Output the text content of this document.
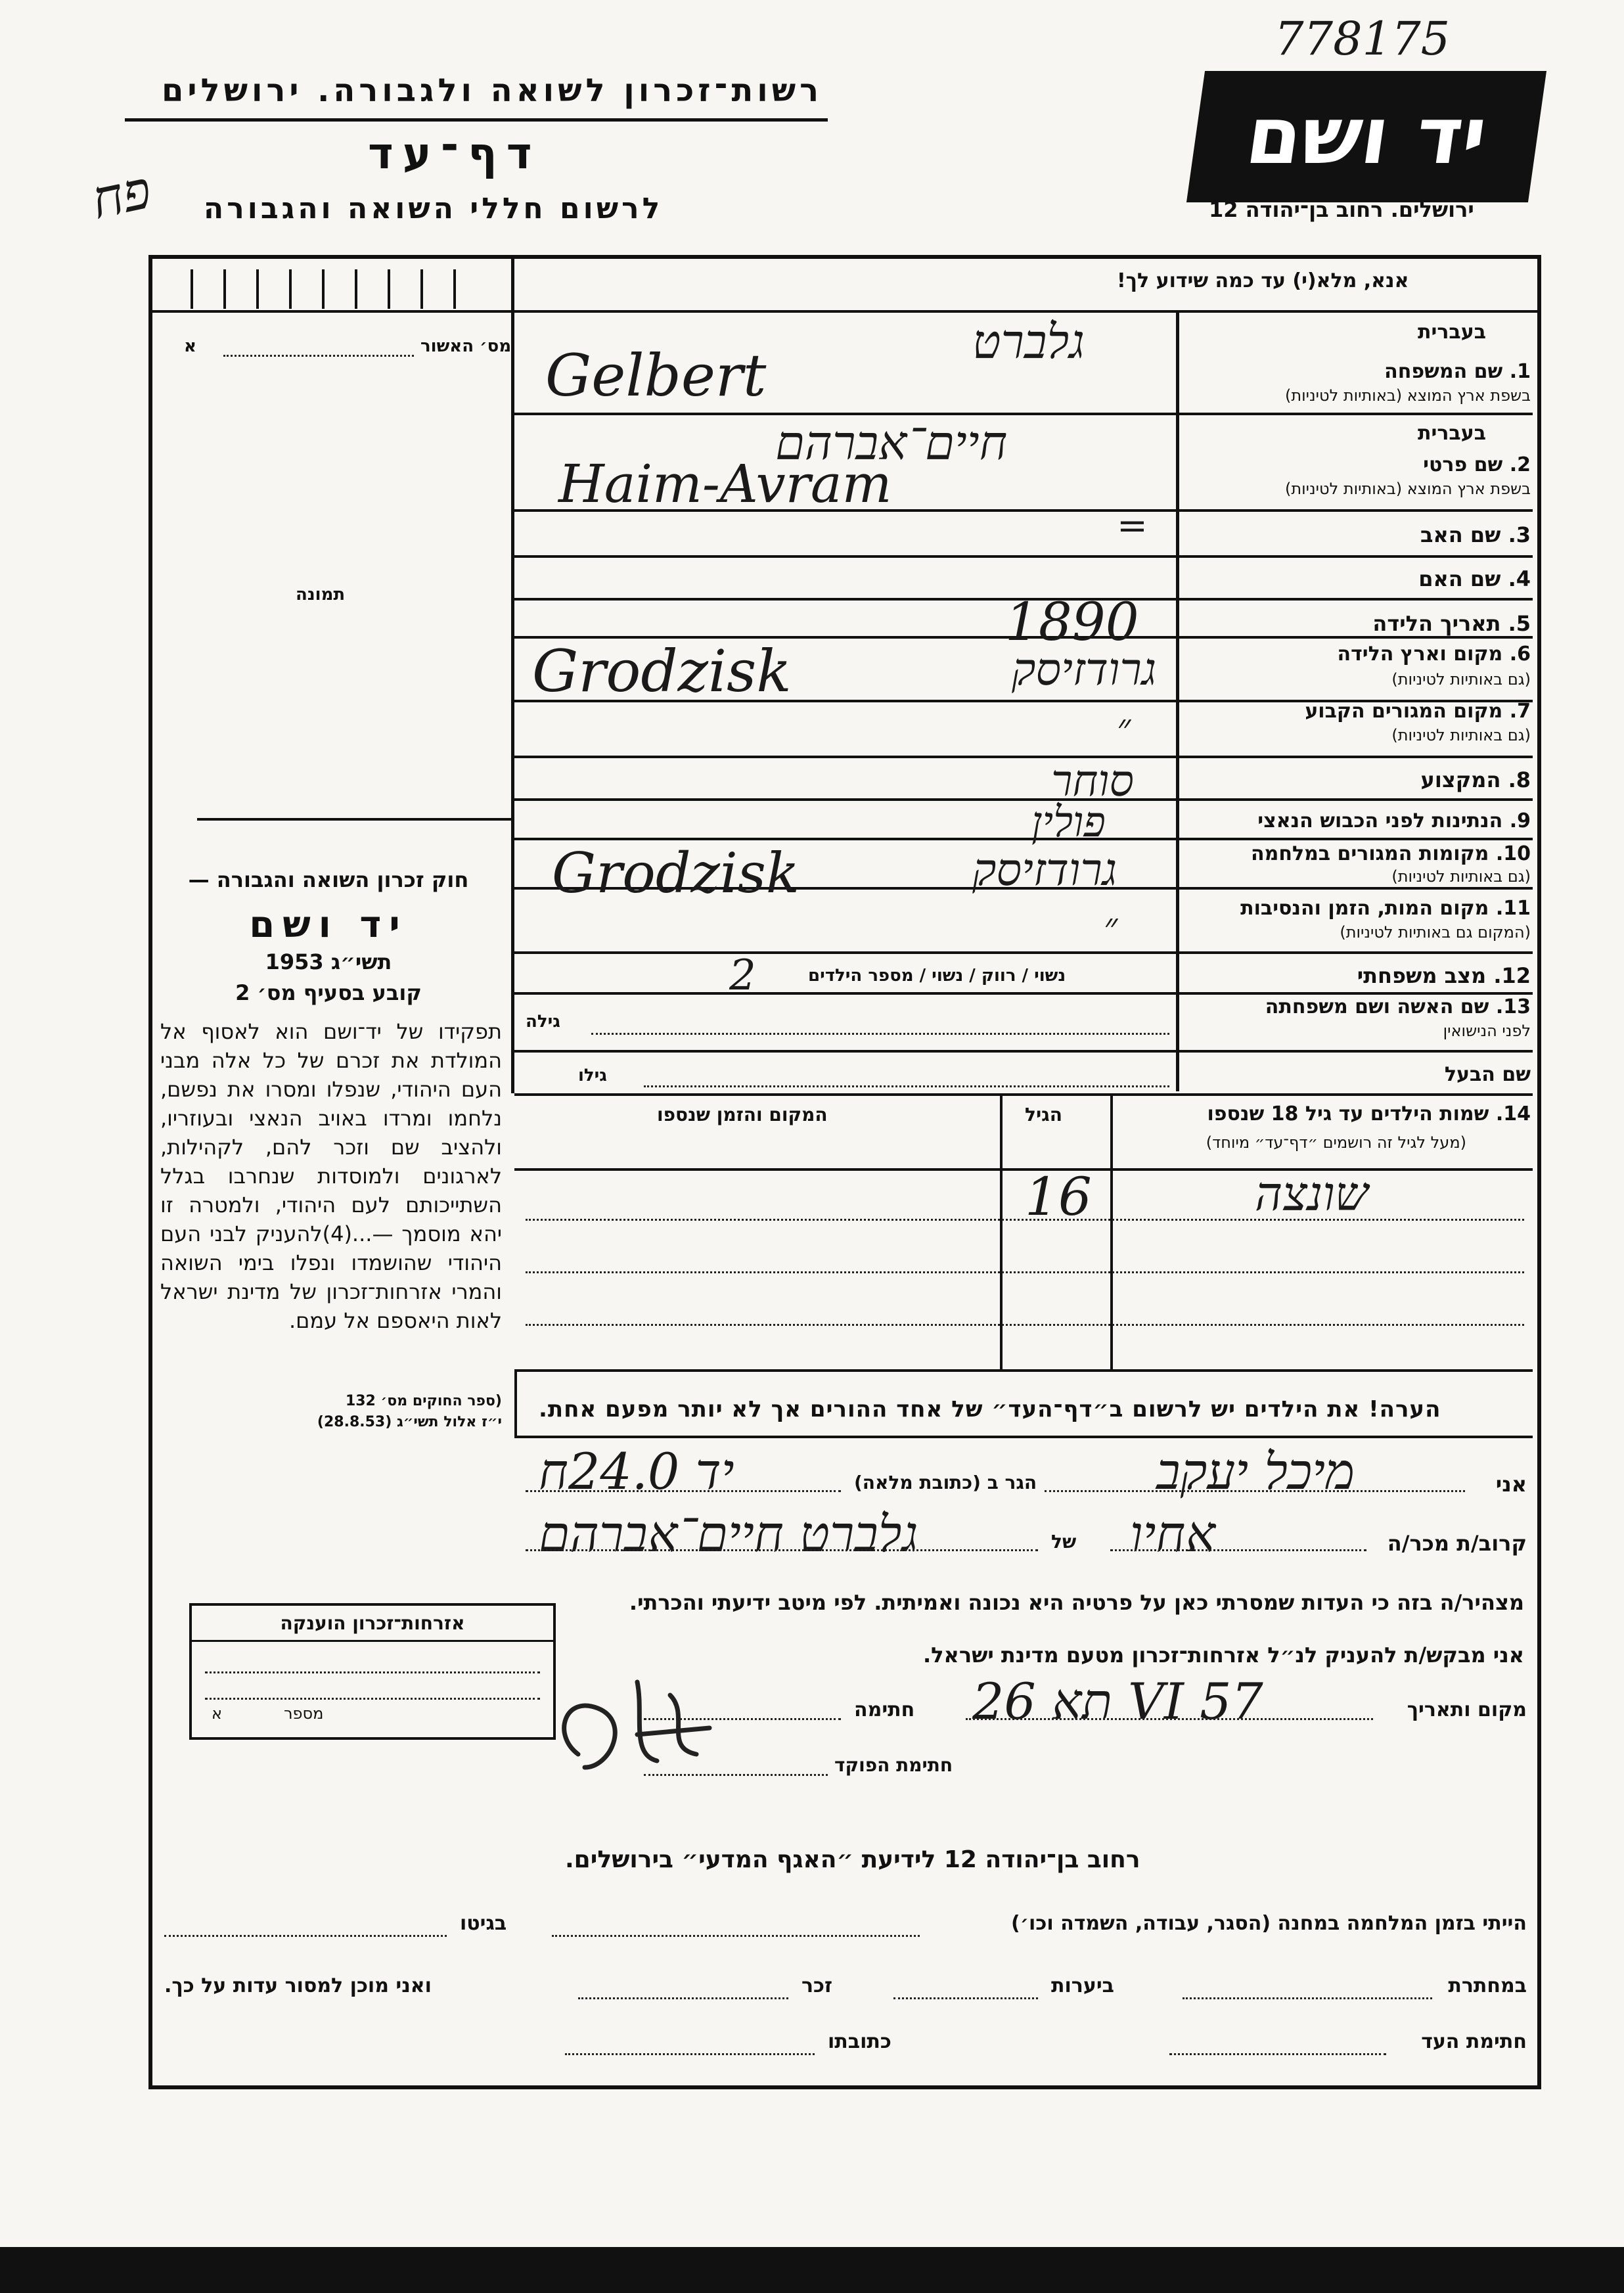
778175
יד ושם
רשות־זכרון לשואה ולגבורה. ירושלים
דף־עד
פח לרשום חללי השואה והגבורה	ירושלים. רחוב בן־יהודה 12
אנא, מלא(י) עד כמה שידוע לך!
מס׳ האשור
א
תמונה
חוק זכרון השואה והגבורה —
יד ושם
תשי״ג 1953
קובע בסעיף מס׳ 2
תפקידו של יד־ושם הוא לאסוף אל המולדת את זכרם של כל אלה מבני העם היהודי, שנפלו ומסרו את נפשם, נלחמו ומרדו באויב הנאצי ובעוזריו, ולהציב שם וזכר להם, לקהילות, לארגונים ולמוסדות שנחרבו בגלל השתייכותם לעם היהודי, ולמטרה זו יהא מוסמך —...(4)להעניק לבני העם היהודי שהושמדו ונפלו בימי השואה והמרי אזרחות־זכרון של מדינת ישראל לאות היאספם אל עמם.
(ספר החוקים מס׳ 132
י״ז אלול תשי״ג (28.8.53)
אזרחות־זכרון הוענקה
מספר
א
בעברית
1. שם המשפחה
בשפת ארץ המוצא (באותיות לטיניות)
גלברט
Gelbert
בעברית
2. שם פרטי
בשפת ארץ המוצא (באותיות לטיניות)
חיים־אברהם
Haim-Avram
3. שם האב
=
4. שם האם
5. תאריך הלידה
1890
6. מקום וארץ הלידה
(גם באותיות לטיניות)
גרודזיסק
Grodzisk
7. מקום המגורים הקבוע
(גם באותיות לטיניות)
״
8. המקצוע
סוחר
9. הנתינות לפני הכבוש הנאצי
פולין
10. מקומות המגורים במלחמה
(גם באותיות לטיניות)
גרודזיסק
Grodzisk
11. מקום המות, הזמן והנסיבות
(המקום גם באותיות לטיניות)
״
12. מצב משפחתי
נשוי / רווק / נשוי / מספר הילדים
2
13. שם האשה ושם משפחתה
לפני הנישואין
גילה
שם הבעל
גילו
14. שמות הילדים עד גיל 18 שנספו
(מעל לגיל זה רושמים ״דף־עד״ מיוחד)
הגיל
המקום והזמן שנספו
שונצה
16
הערה! את הילדים יש לרשום ב״דף־העד״ של אחד ההורים אך לא יותר מפעם אחת.
אני
מיכל יעקב
הגר ב (כתובת מלאה)
יד 24.0ח
קרוב/ת מכר/ה
אחיו
של
גלברט חיים־אברהם
מצהיר/ה בזה כי העדות שמסרתי כאן על פרטיה היא נכונה ואמיתית. לפי מיטב ידיעתי והכרתי.
אני מבקש/ת להעניק לנ״ל אזרחות־זכרון מטעם מדינת ישראל.
מקום ותאריך
תא 26 VI 57
חתימה
חתימת הפוקד
רחוב בן־יהודה 12 לידיעת ״האגף המדעי״ בירושלים.
הייתי בזמן המלחמה במחנה (הסגר, עבודה, השמדה וכו׳)
בגיטו
במחתרת
ביערות
זכר
ואני מוכן למסור עדות על כך.
חתימת העד
כתובתו
